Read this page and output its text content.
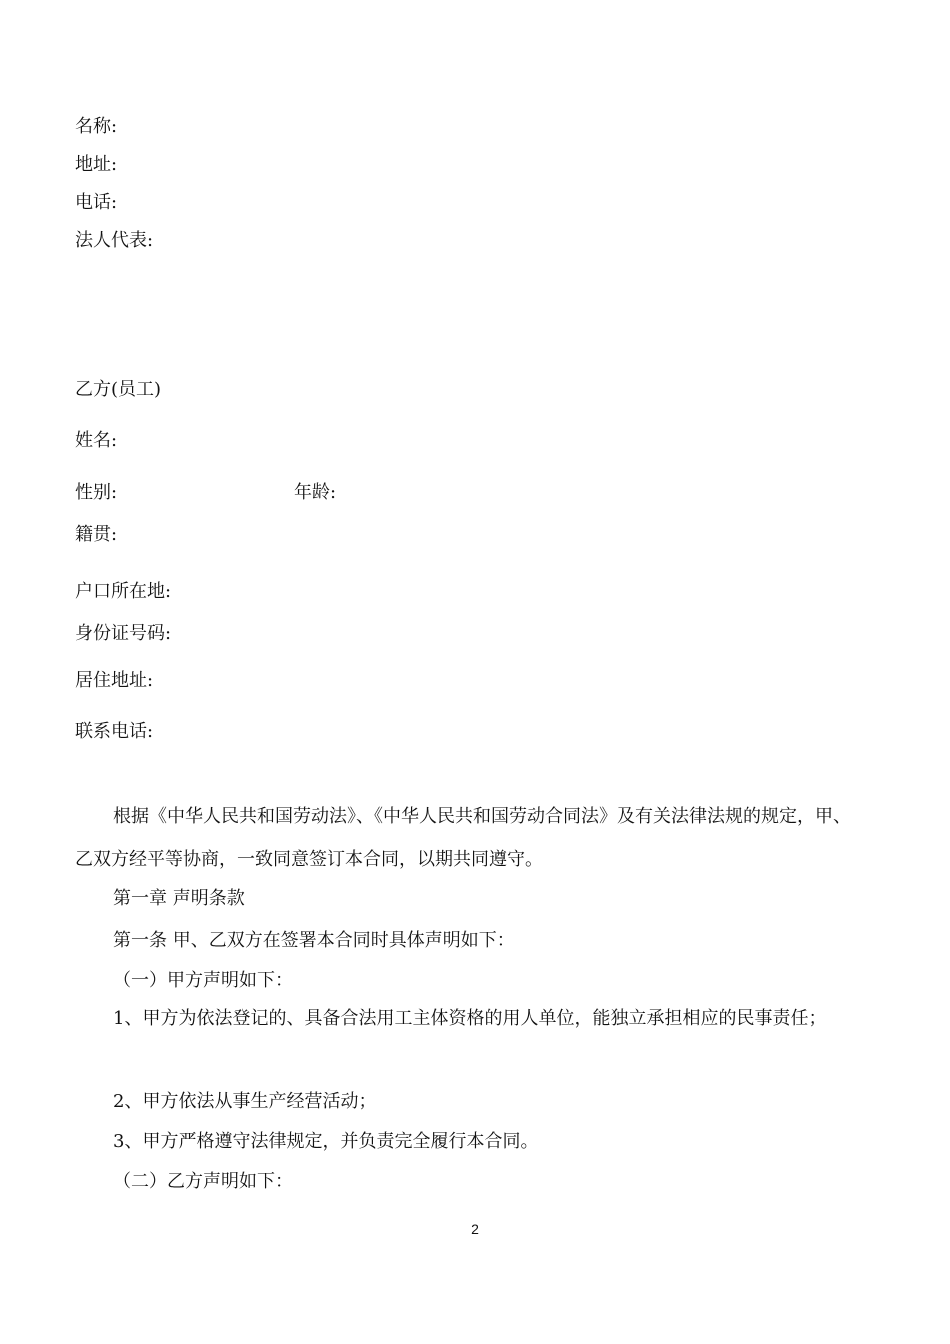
名称:
地址:
电话:
法人代表:
乙方(员工)
姓名:
性别:	年龄:
籍贯:
户口所在地:
身份证号码:
居住地址:
联系电话:
根据《中华人民共和国劳动法》、《中华人民共和国劳动合同法》及有关法律法规的规定，甲、乙双方经平等协商，一致同意签订本合同，以期共同遵守。
第一章 声明条款
第一条 甲、乙双方在签署本合同时具体声明如下：
（一）甲方声明如下：
1、甲方为依法登记的、具备合法用工主体资格的用人单位，能独立承担相应的民事责任；
2、甲方依法从事生产经营活动；
3、甲方严格遵守法律规定，并负责完全履行本合同。
（二）乙方声明如下：
2
